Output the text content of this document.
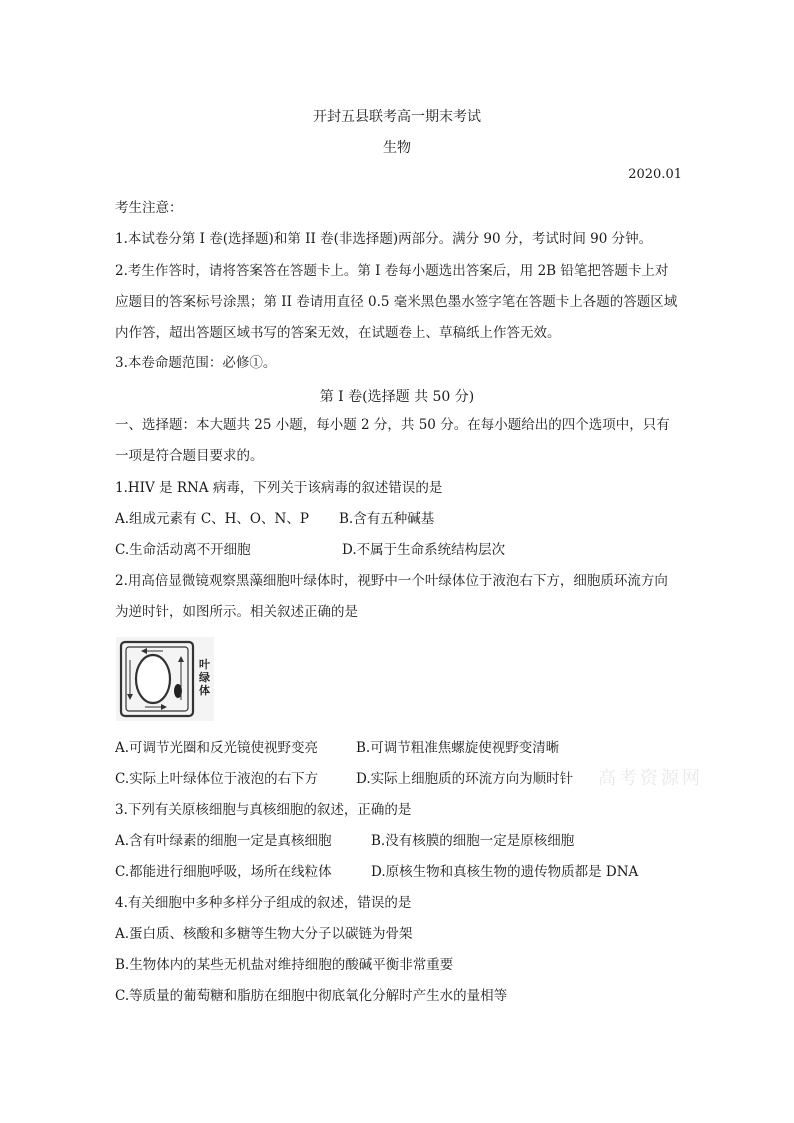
开封五县联考高一期末考试
生物
2020.01
考生注意：
1.本试卷分第 I 卷(选择题)和第 II 卷(非选择题)两部分。满分 90 分，考试时间 90 分钟。
2.考生作答时，请将答案答在答题卡上。第 I 卷每小题选出答案后，用 2B 铅笔把答题卡上对
应题目的答案标号涂黑；第 II 卷请用直径 0.5 毫米黑色墨水签字笔在答题卡上各题的答题区域
内作答，超出答题区域书写的答案无效，在试题卷上、草稿纸上作答无效。
3.本卷命题范围：必修①。
第 I 卷(选择题 共 50 分)
一、选择题：本大题共 25 小题，每小题 2 分，共 50 分。在每小题给出的四个选项中，只有
一项是符合题目要求的。
1.HIV 是 RNA 病毒，下列关于该病毒的叙述错误的是
A.组成元素有 C、H、O、N、P B.含有五种碱基
C.生命活动离不开细胞	D.不属于生命系统结构层次
2.用高倍显微镜观察黑藻细胞叶绿体时，视野中一个叶绿体位于液泡右下方，细胞质环流方向
为逆时针，如图所示。相关叙述正确的是
叶绿体
A.可调节光圈和反光镜使视野变亮	B.可调节粗准焦螺旋使视野变清晰
C.实际上叶绿体位于液泡的右下方	D.实际上细胞质的环流方向为顺时针 高考资源网
3.下列有关原核细胞与真核细胞的叙述，正确的是
A.含有叶绿素的细胞一定是真核细胞	B.没有核膜的细胞一定是原核细胞
C.都能进行细胞呼吸，场所在线粒体	D.原核生物和真核生物的遗传物质都是 DNA
4.有关细胞中多种多样分子组成的叙述，错误的是
A.蛋白质、核酸和多糖等生物大分子以碳链为骨架
B.生物体内的某些无机盐对维持细胞的酸碱平衡非常重要
C.等质量的葡萄糖和脂肪在细胞中彻底氧化分解时产生水的量相等
